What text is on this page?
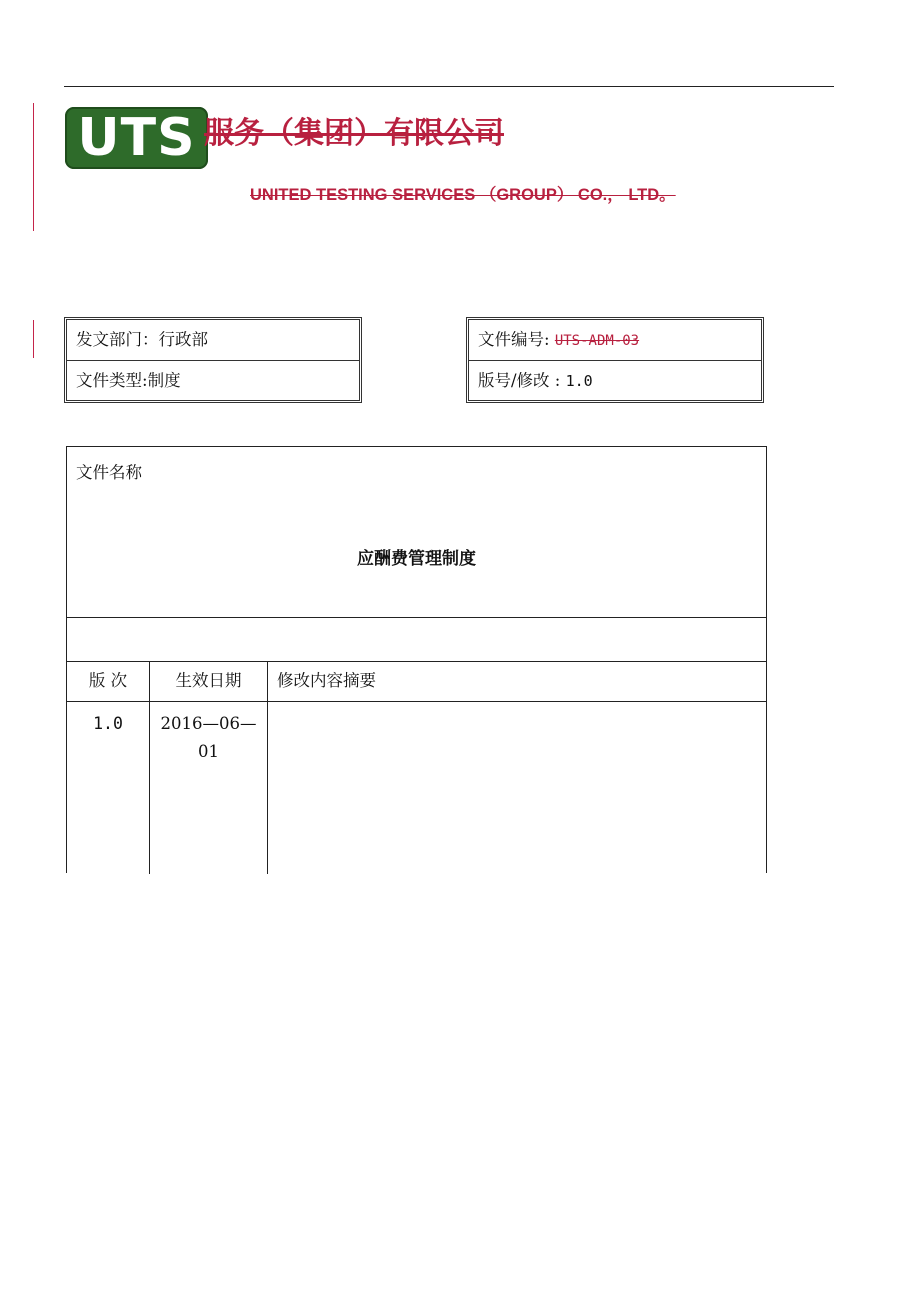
UTS 服务（集团）有限公司
UNITED TESTING SERVICES （GROUP） CO.， LTD。
发文部门：行政部
文件类型:制度
文件编号: UTS-ADM-03
版号/修改 : 1.0
文件名称
应酬费管理制度
版 次	生效日期	修改内容摘要
1.0	2016—06—
01
